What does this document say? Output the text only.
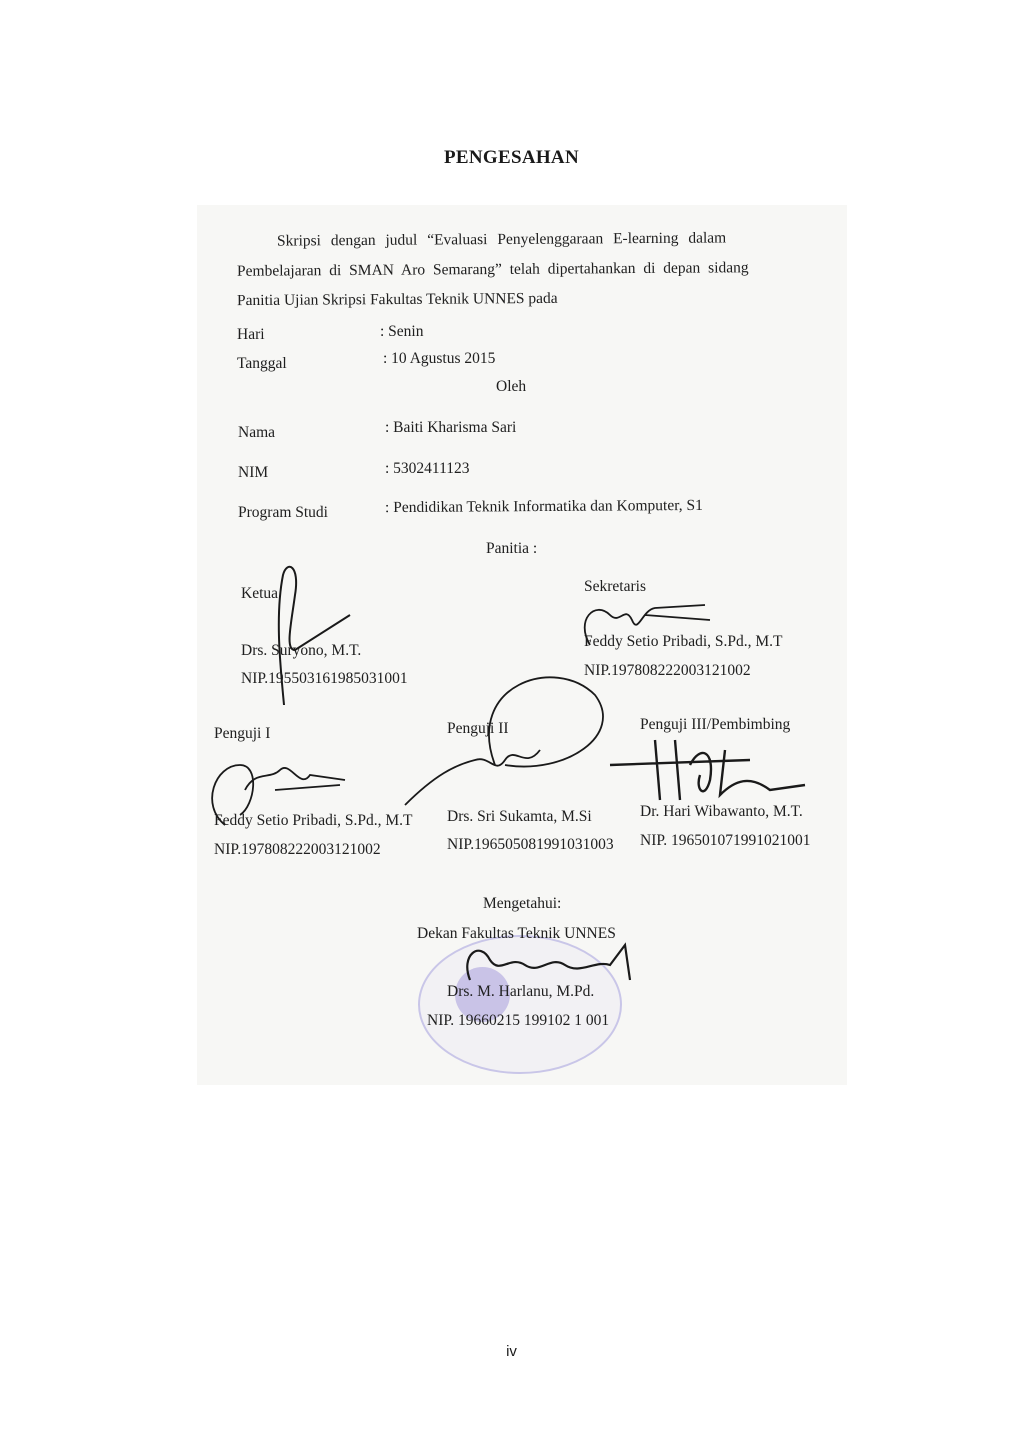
PENGESAHAN
Skripsi dengan judul “Evaluasi Penyelenggaraan E-learning dalam
Pembelajaran di SMAN Aro Semarang” telah dipertahankan di depan sidang
Panitia Ujian Skripsi Fakultas Teknik UNNES pada
Hari	: Senin
Tanggal	: 10 Agustus 2015
Oleh
Nama	: Baiti Kharisma Sari
NIM	: 5302411123
Program Studi	: Pendidikan Teknik Informatika dan Komputer, S1
Panitia :
Ketua
Drs. Suryono, M.T.
NIP.195503161985031001
Sekretaris
Feddy Setio Pribadi, S.Pd., M.T
NIP.197808222003121002
Penguji I
Feddy Setio Pribadi, S.Pd., M.T
NIP.197808222003121002
Penguji II
Drs. Sri Sukamta, M.Si
NIP.196505081991031003
Penguji III/Pembimbing
Dr. Hari Wibawanto, M.T.
NIP. 196501071991021001
Mengetahui:
Dekan Fakultas Teknik UNNES
Drs. M. Harlanu, M.Pd.
NIP. 19660215 199102 1 001
iv
